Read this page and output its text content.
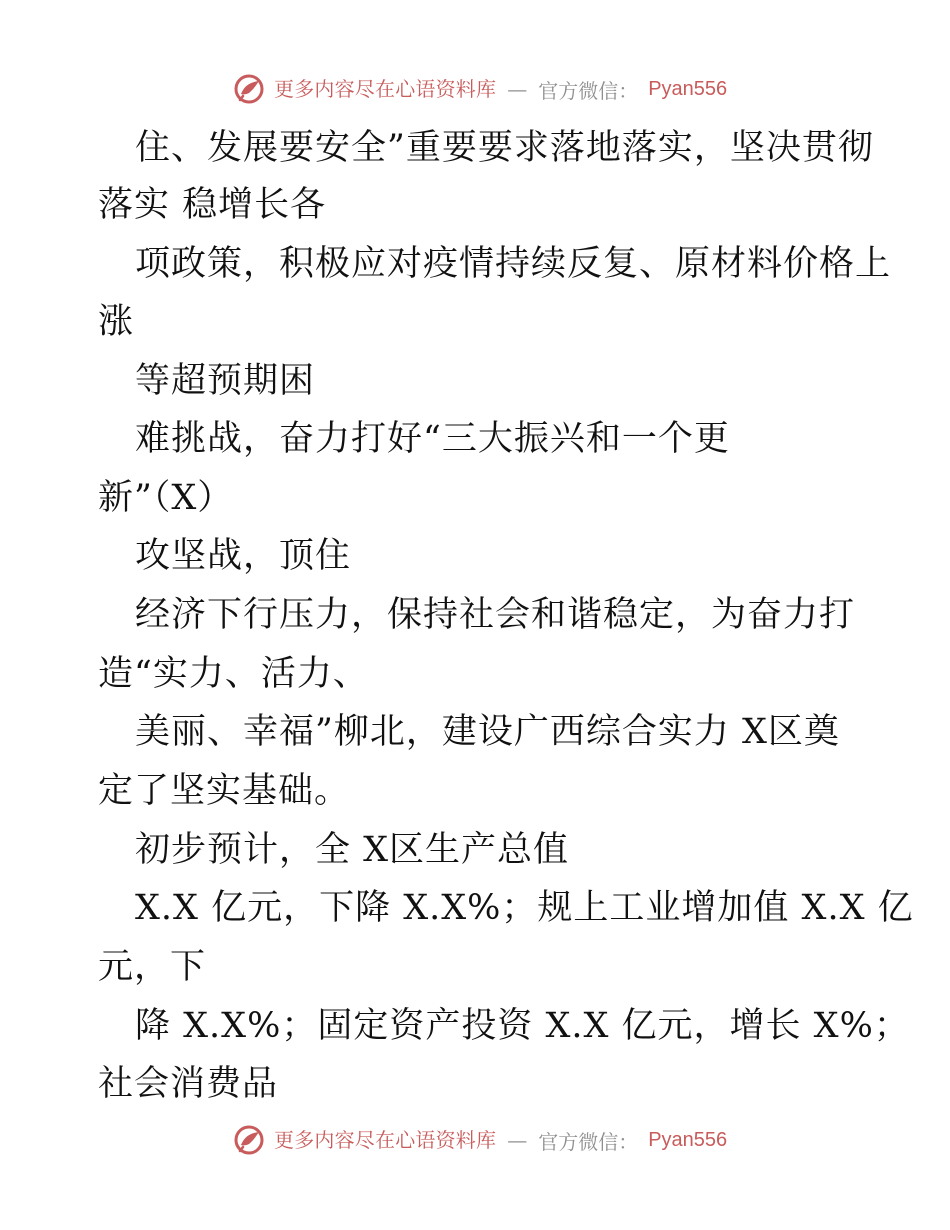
更多内容尽在心语资料库 — 官方微信： Pyan556
住、发展要安全”重要要求落地落实，坚决贯彻
落实 稳增长各
项政策，积极应对疫情持续反复、原材料价格上
涨
等超预期困
难挑战，奋力打好“三大振兴和一个更
新”（X）
攻坚战，顶住
经济下行压力，保持社会和谐稳定，为奋力打
造“实力、活力、
美丽、幸福”柳北，建设广西综合实力 X区奠
定了坚实基础。
初步预计，全 X区生产总值
X.X 亿元，下降 X.X%；规上工业增加值 X.X 亿
元，下
降 X.X%；固定资产投资 X.X 亿元，增长 X%；
社会消费品
更多内容尽在心语资料库 — 官方微信： Pyan556
